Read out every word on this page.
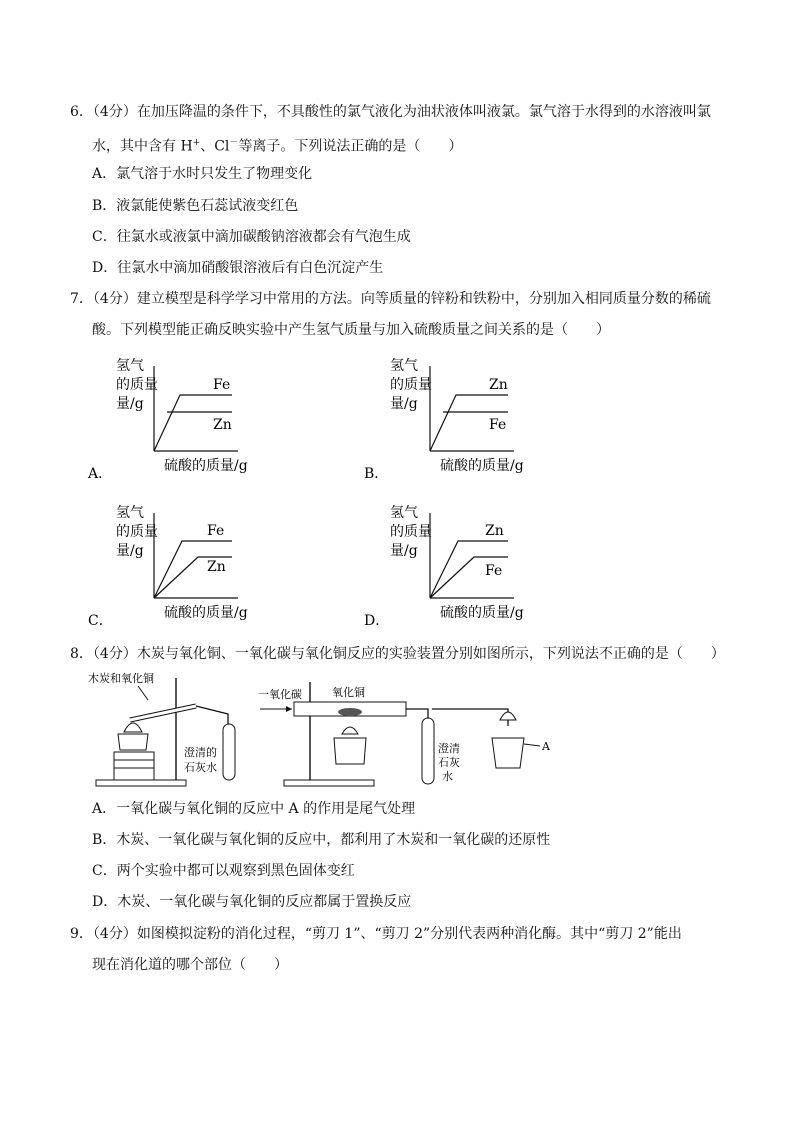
6．（4分）在加压降温的条件下，不具酸性的氯气液化为油状液体叫液氯。氯气溶于水得到的水溶液叫氯
水，其中含有 H+、Cl－等离子。下列说法正确的是（　　）
A．氯气溶于水时只发生了物理变化
B．液氯能使紫色石蕊试液变红色
C．往氯水或液氯中滴加碳酸钠溶液都会有气泡生成
D．往氯水中滴加硝酸银溶液后有白色沉淀产生
7．（4分）建立模型是科学学习中常用的方法。向等质量的锌粉和铁粉中，分别加入相同质量分数的稀硫
酸。下列模型能正确反映实验中产生氢气质量与加入硫酸质量之间关系的是（　　）
氢气
的质量
量/g
Fe
Zn
硫酸的质量/g
A．
氢气
的质量
量/g
Zn
Fe
硫酸的质量/g
B．
氢气
的质量
量/g
Fe
Zn
硫酸的质量/g
C．
氢气
的质量
量/g
Zn
Fe
硫酸的质量/g
D．
8．（4分）木炭与氧化铜、一氧化碳与氧化铜反应的实验装置分别如图所示，下列说法不正确的是（　　）
木炭和氧化铜
澄清的
石灰水
一氧化碳	氧化铜
澄清
石灰
水
A
A．一氧化碳与氧化铜的反应中 A 的作用是尾气处理
B．木炭、一氧化碳与氧化铜的反应中，都利用了木炭和一氧化碳的还原性
C．两个实验中都可以观察到黑色固体变红
D．木炭、一氧化碳与氧化铜的反应都属于置换反应
9．（4分）如图模拟淀粉的消化过程，“剪刀 1”、“剪刀 2”分别代表两种消化酶。其中“剪刀 2”能出
现在消化道的哪个部位（　　）
